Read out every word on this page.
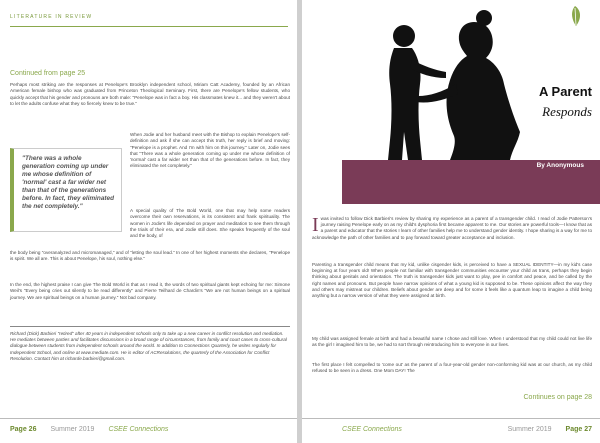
LITERATURE IN REVIEW
Continued from page 25

Perhaps most striking are the responses at Penelope's Brooklyn independent school, Miriam Catt Academy, founded by an African American female bishop who was graduated from Princeton Theological Seminary. First, there are Penelope's fellow students, who quickly accept that his gender and pronouns are both male: "Penelope was in fact a boy. His classmates knew it... and they weren't about to let the adults confuse what they so fiercely knew to be true."

"There was a whole generation coming up under me whose definition of 'normal' cast a far wider net than that of the generations before. In fact, they eliminated the net completely."

When Jodie and her husband meet with the Bishop to explain Penelope's self-definition and ask if she can accept this truth, her reply is brief and moving: "Penelope is a prophet. And I'm with him on this journey." Later on, Jodie sees that "There was a whole generation coming up under me whose definition of 'normal' cast a far wider net than that of the generations before. In fact, they eliminated the net completely."

A special quality of The Bold World, one that may help some readers overcome their own reservations, is its consistent and frank spirituality. The women in Jodie's life depended on prayer and meditation to see them through the trials of their era, and Jodie still does. She speaks frequently of the soul and the body, of

the body being "overanalyzed and micromanaged," and of "letting the soul lead." In one of her highest moments she declares, "Penelope is spirit. We all are. This is about Penelope, his soul, nothing else."

In the end, the highest praise I can give The Bold World is that as I read it, the words of two spiritual giants kept echoing for me: Simone Weil's "Every being cries out silently to be read differently" and Pierre Teilhard de Chardin's "We are not human beings on a spiritual journey. We are spiritual beings on a human journey." Not bad company.

Richard (Dick) Barbieri "retired" after 40 years in independent schools only to take up a new career in conflict resolution and mediation. He mediates between parties and facilitates discussions in a broad range of circumstances, from family and court cases to cross-cultural dialogue between students from independent schools around the world. In addition to Connections Quarterly, he writes regularly for Independent School, and online at www.mediate.com. He is editor of ACResolutions, the quarterly of the Association for Conflict Resolution. Contact him at richarde.barbieri@gmail.com.

Page 26 Summer 2019 CSEE Connections
A Parent
Responds
By Anonymous

Iwas invited to follow Dick Barbieri's review by sharing my experience as a parent of a transgender child. I read of Jodie Patterson's journey raising Penelope early on as my child's dysphoria first became apparent to me. Our stories are powerful tools—I know that as a parent and educator that the stories I learn of other families help me to understand gender identity. I hope sharing is a way for me to acknowledge the path of other families and to pay forward toward greater acceptance and inclusion.

Parenting a transgender child means that my kid, unlike cisgender kids, is perceived to have a SEXUAL IDENTITY—in my kid's case beginning at four years old! When people not familiar with transgender communities encounter your child as trans, perhaps they begin thinking about genitals and orientation. The truth is transgender kids just want to play, pee in comfort and peace, and be called by the right names and pronouns. But people have narrow opinions of what a young kid is supposed to be. These opinions affect the way they and others may mistreat our children. Beliefs about gender are deep and for some it feels like a quantum leap to imagine a child being anything but a narrow version of what they were assigned at birth.

My child was assigned female at birth and had a beautiful name I chose and still love. When I understood that my child could not live life as the girl I imagined him to be, we had to sort through reintroducing him to everyone in our lives.

The first place I felt compelled to 'come out' as the parent of a four-year-old gender non-conforming kid was at our church, as my child refused to be seen in a dress. One Mom DAY! The

Continues on page 28
CSEE Connections	Summer 2019 Page 27
